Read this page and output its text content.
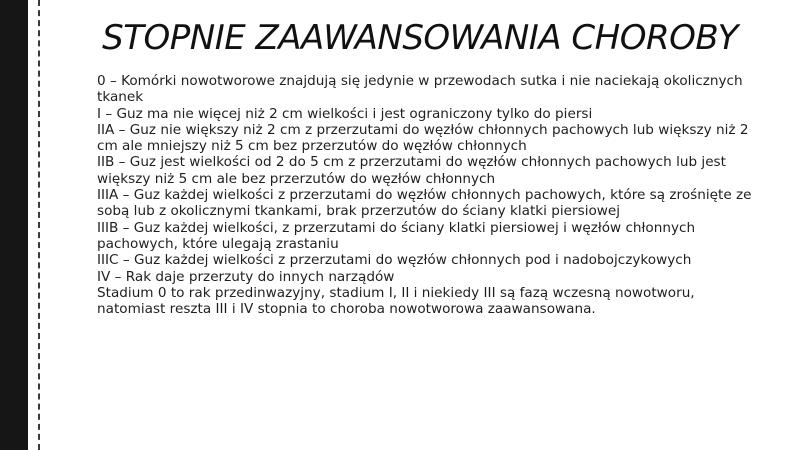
STOPNIE ZAAWANSOWANIA CHOROBY

0 – Komórki nowotworowe znajdują się jedynie w przewodach sutka i nie naciekają okolicznych tkanek

I – Guz ma nie więcej niż 2 cm wielkości i jest ograniczony tylko do piersi

IIA – Guz nie większy niż 2 cm z przerzutami do węzłów chłonnych pachowych lub większy niż 2 cm ale mniejszy niż 5 cm bez przerzutów do węzłów chłonnych

IIB – Guz jest wielkości od 2 do 5 cm z przerzutami do węzłów chłonnych pachowych lub jest większy niż 5 cm ale bez przerzutów do węzłów chłonnych

IIIA – Guz każdej wielkości z przerzutami do węzłów chłonnych pachowych, które są zrośnięte ze sobą lub z okolicznymi tkankami, brak przerzutów do ściany klatki piersiowej

IIIB – Guz każdej wielkości, z przerzutami do ściany klatki piersiowej i węzłów chłonnych pachowych, które ulegają zrastaniu

IIIC – Guz każdej wielkości z przerzutami do węzłów chłonnych pod i nadobojczykowych

IV – Rak daje przerzuty do innych narządów

Stadium 0 to rak przedinwazyjny, stadium I, II i niekiedy III są fazą wczesną nowotworu, natomiast reszta III i IV stopnia to choroba nowotworowa zaawansowana.
